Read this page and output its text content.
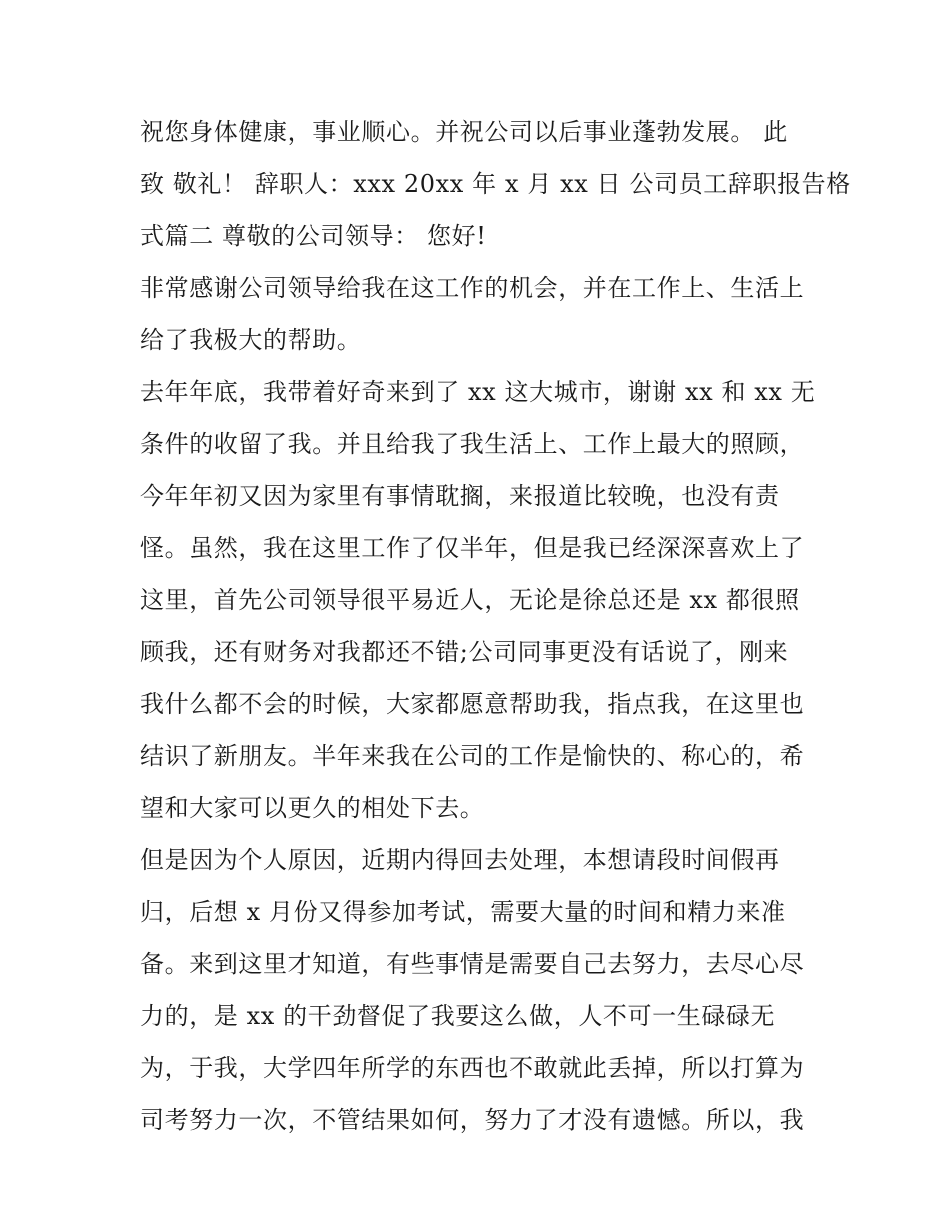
祝您身体健康，事业顺心。并祝公司以后事业蓬勃发展。 此
致 敬礼！ 辞职人：xxx 20xx 年 x 月 xx 日 公司员工辞职报告格
式篇二 尊敬的公司领导： 您好!
非常感谢公司领导给我在这工作的机会，并在工作上、生活上
给了我极大的帮助。
去年年底，我带着好奇来到了 xx 这大城市，谢谢 xx 和 xx 无
条件的收留了我。并且给我了我生活上、工作上最大的照顾，
今年年初又因为家里有事情耽搁，来报道比较晚，也没有责
怪。虽然，我在这里工作了仅半年，但是我已经深深喜欢上了
这里，首先公司领导很平易近人，无论是徐总还是 xx 都很照
顾我，还有财务对我都还不错;公司同事更没有话说了，刚来
我什么都不会的时候，大家都愿意帮助我，指点我，在这里也
结识了新朋友。半年来我在公司的工作是愉快的、称心的，希
望和大家可以更久的相处下去。
但是因为个人原因，近期内得回去处理，本想请段时间假再
归，后想 x 月份又得参加考试，需要大量的时间和精力来准
备。来到这里才知道，有些事情是需要自己去努力，去尽心尽
力的，是 xx 的干劲督促了我要这么做，人不可一生碌碌无
为，于我，大学四年所学的东西也不敢就此丢掉，所以打算为
司考努力一次，不管结果如何，努力了才没有遗憾。所以，我
